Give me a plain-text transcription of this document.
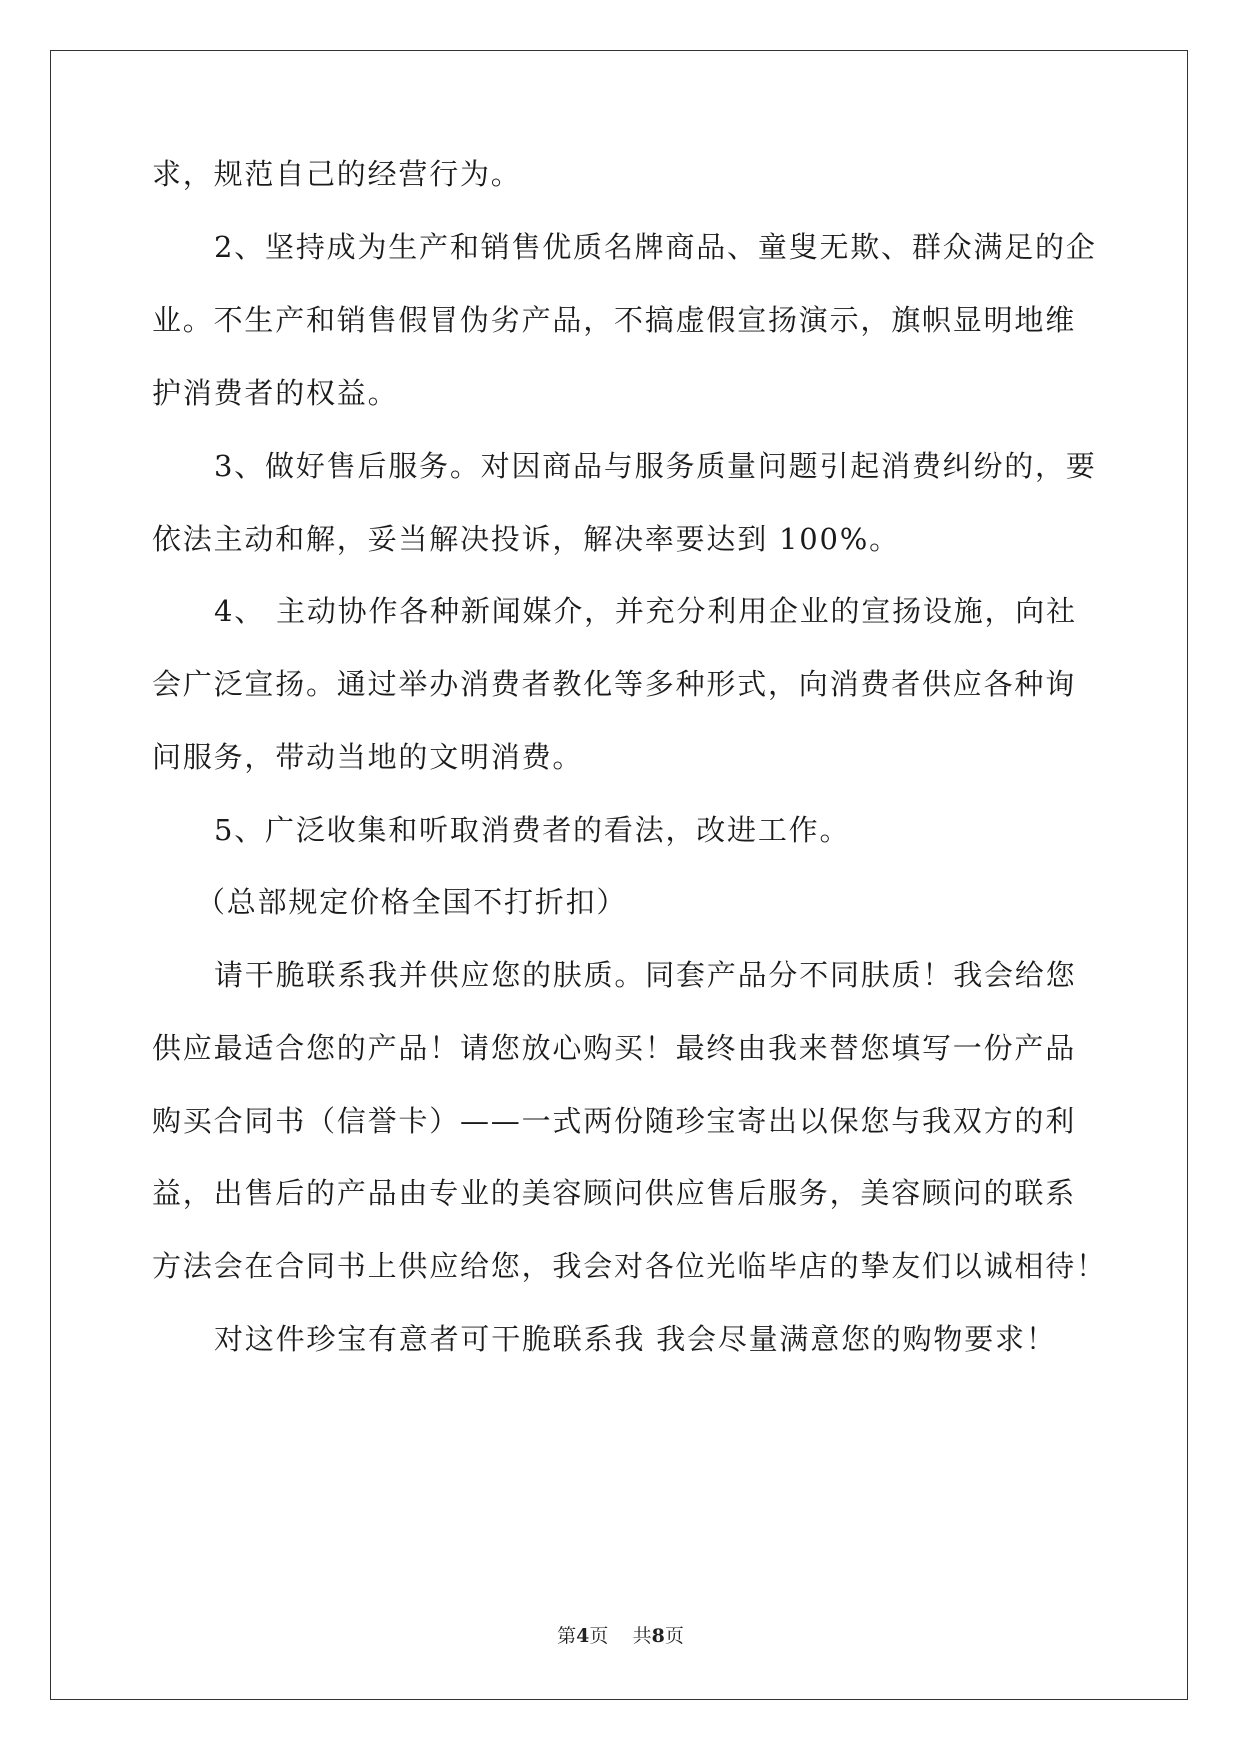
求，规范自己的经营行为。
2、坚持成为生产和销售优质名牌商品、童叟无欺、群众满足的企
业。不生产和销售假冒伪劣产品，不搞虚假宣扬演示，旗帜显明地维
护消费者的权益。
3、做好售后服务。对因商品与服务质量问题引起消费纠纷的，要
依法主动和解，妥当解决投诉，解决率要达到 100%。
4、 主动协作各种新闻媒介，并充分利用企业的宣扬设施，向社
会广泛宣扬。通过举办消费者教化等多种形式，向消费者供应各种询
问服务，带动当地的文明消费。
5、广泛收集和听取消费者的看法，改进工作。
（总部规定价格全国不打折扣）
请干脆联系我并供应您的肤质。同套产品分不同肤质！我会给您
供应最适合您的产品！请您放心购买！最终由我来替您填写一份产品
购买合同书（信誉卡）——一式两份随珍宝寄出以保您与我双方的利
益，出售后的产品由专业的美容顾问供应售后服务，美容顾问的联系
方法会在合同书上供应给您，我会对各位光临毕店的挚友们以诚相待！
对这件珍宝有意者可干脆联系我 我会尽量满意您的购物要求！
第4页 共8页
